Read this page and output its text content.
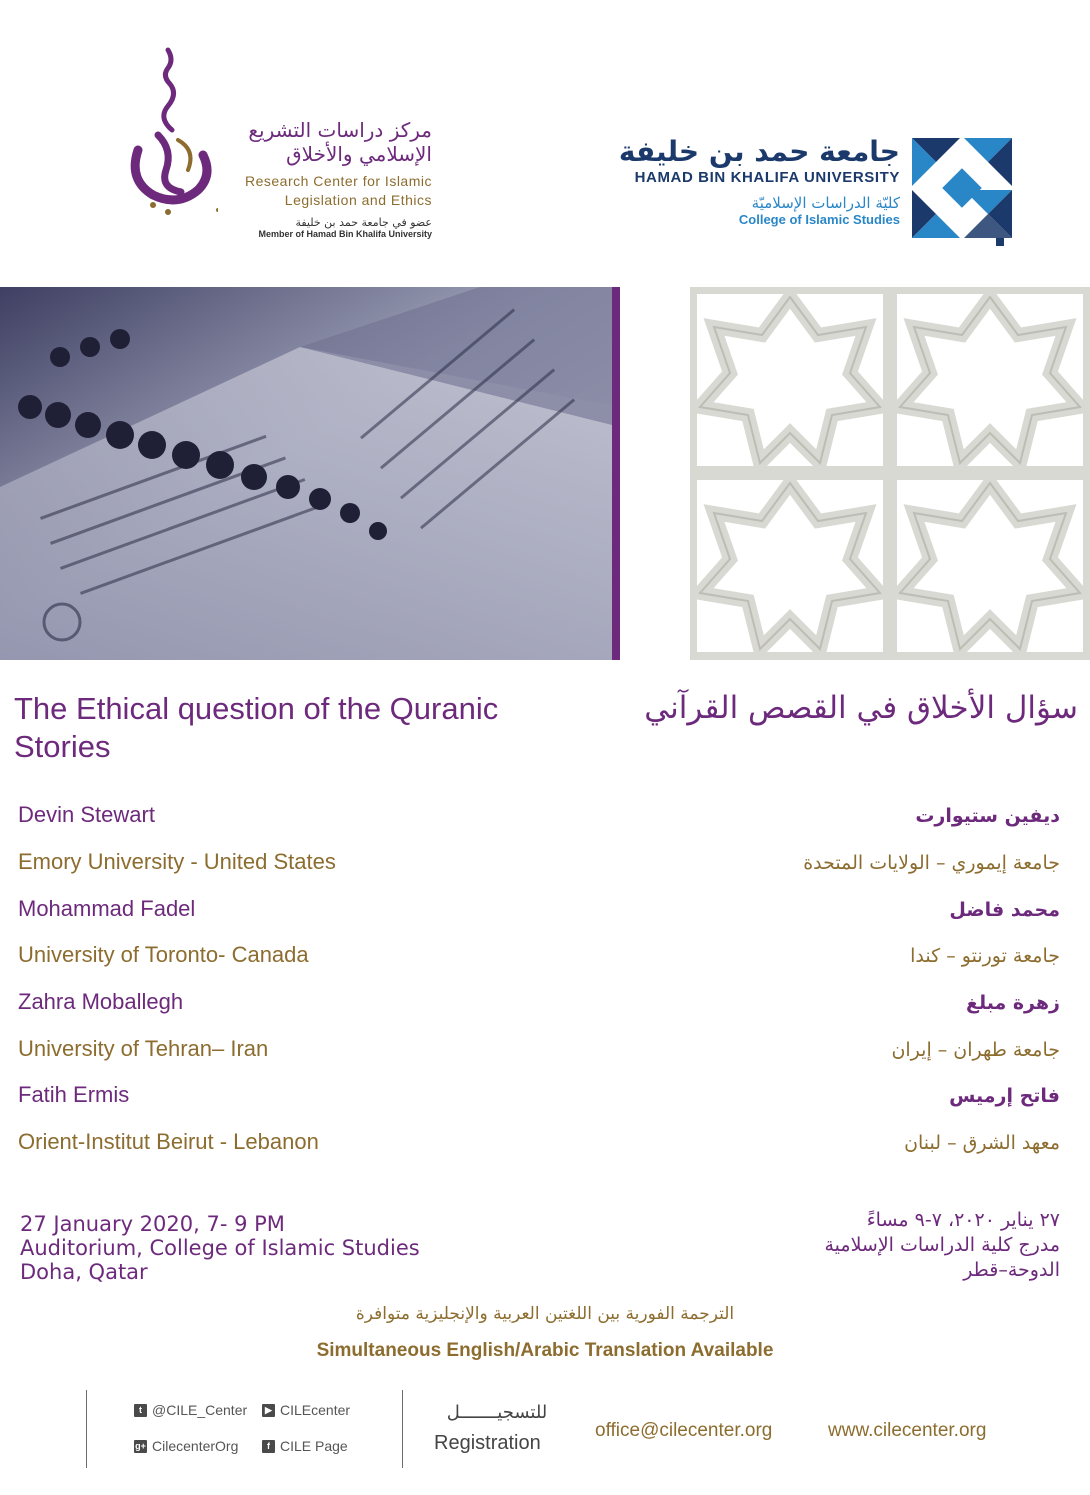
مركز دراسات التشريع
الإسلامي والأخلاق
Research Center for Islamic
Legislation and Ethics
عضو في جامعة حمد بن خليفة
Member of Hamad Bin Khalifa University
جامعة حمد بن خليفة
HAMAD BIN KHALIFA UNIVERSITY
كليّة الدراسات الإسلاميّة
College of Islamic Studies
The Ethical question of the Quranic Stories
سؤال الأخلاق في القصص القرآني
Devin Stewart
Emory University - United States
Mohammad Fadel
University of Toronto- Canada
Zahra Moballegh
University of Tehran– Iran
Fatih Ermis
Orient-Institut Beirut - Lebanon
ديفين ستيوارت
جامعة إيموري – الولايات المتحدة
محمد فاضل
جامعة تورنتو – كندا
زهرة مبلغ
جامعة طهران – إيران
فاتح إرميس
معهد الشرق – لبنان
27 January 2020, 7- 9 PM
Auditorium, College of Islamic Studies
Doha, Qatar
٢٧ يناير ٢٠٢٠، ٧-٩ مساءً
مدرج كلية الدراسات الإسلامية
الدوحة–قطر
الترجمة الفورية بين اللغتين العربية والإنجليزية متوافرة
Simultaneous English/Arabic Translation Available
t @CILE_Center	▶ CILEcenter
g+ CilecenterOrg	f CILE Page
للتسجيـــــــل
Registration
office@cilecenter.org	www.cilecenter.org
